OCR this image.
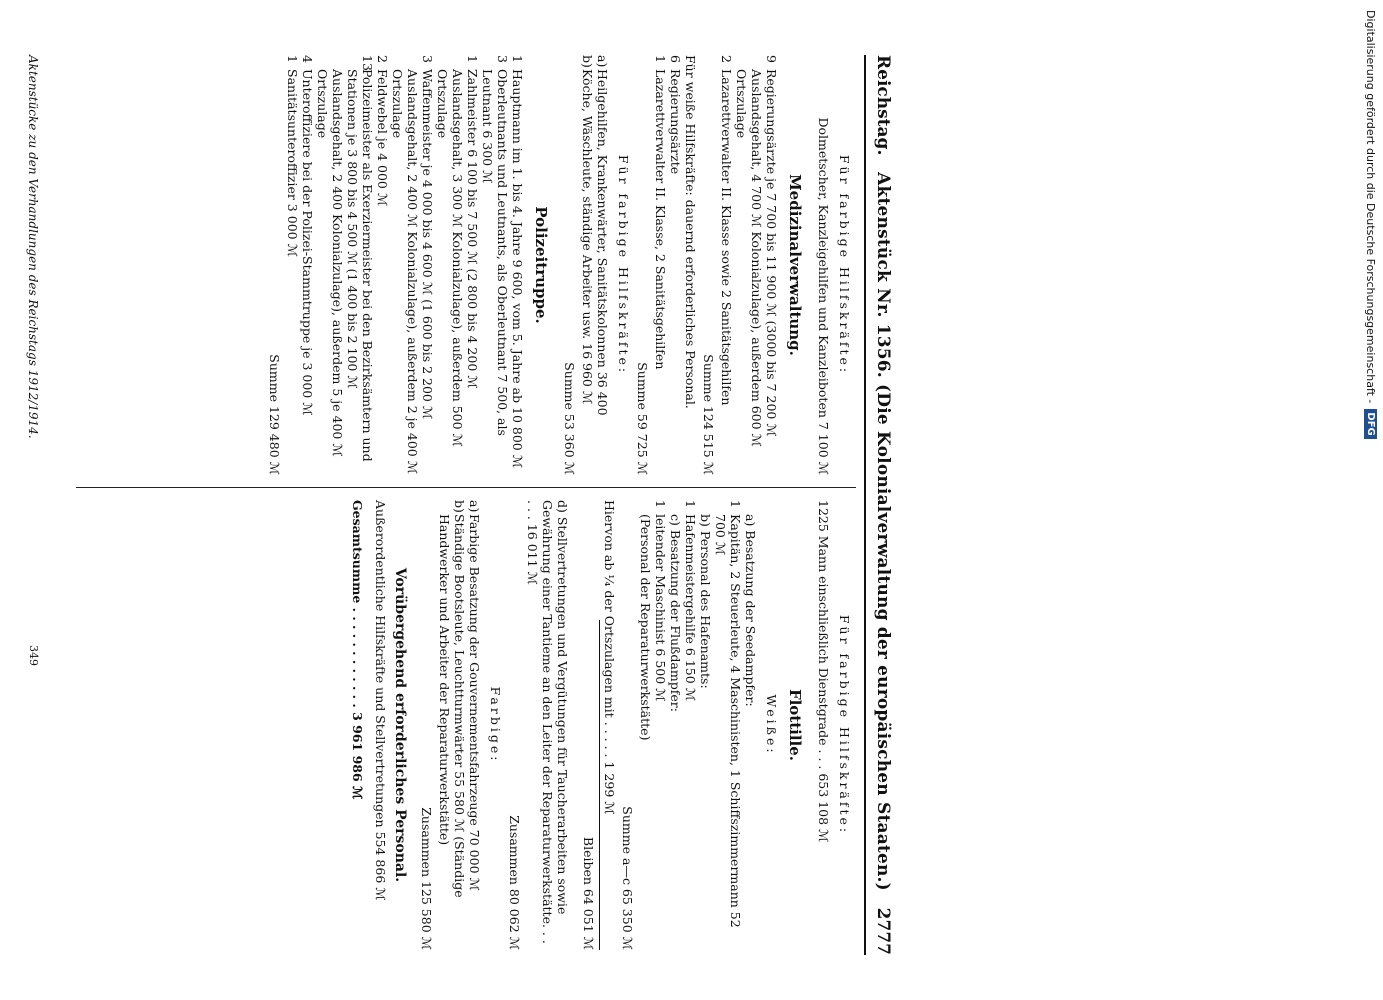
Reichstag.
Aktenstück Nr. 1356. (Die Kolonialverwaltung der europäischen Staaten.)
2777
Für farbige Hilfskräfte:
Dolmetscher, Kanzleigehilfen und Kanzleiboten 7 100 ℳ
Medizinalverwaltung.
9
Regierungsärzte je 7 700 bis 11 900 ℳ (3000 bis 7 200 ℳ Auslandsgehalt, 4 700 ℳ Kolonialzulage), außerdem 600 ℳ Ortszulage
2
Lazarettverwalter II. Klasse sowie 2 Sanitätsgehilfen
Summe 124 515 ℳ
Für weiße Hilfskräfte: dauernd erforderliches Personal.
6
Regierungsärzte
1
Lazarettverwalter II. Klasse, 2 Sanitätsgehilfen
Summe 59 725 ℳ
Für farbige Hilfskräfte:
a)
Heilgehilfen, Krankenwärter, Sanitätskolonnen 36 400
b)
Köche, Wäschleute, ständige Arbeiter usw. 16 960 ℳ
Summe 53 360 ℳ
Polizeitruppe.
1
Hauptmann im 1. bis 4. Jahre 9 600, vom 5. Jahre ab 10 800 ℳ
3
Oberleutnants und Leutnants, als Oberleutnant 7 500, als Leutnant 6 300 ℳ
1
Zahlmeister 6 100 bis 7 500 ℳ (2 800 bis 4 200 ℳ Auslandsgehalt, 3 300 ℳ Kolonialzulage), außerdem 500 ℳ Ortszulage
3
Waffenmeister je 4 000 bis 4 600 ℳ (1 600 bis 2 200 ℳ Auslandsgehalt, 2 400 ℳ Kolonialzulage), außerdem 2 je 400 ℳ Ortszulage
2
Feldwebel je 4 000 ℳ
13
Polizeimeister als Exerziermeister bei den Bezirksämtern und Stationen je 3 800 bis 4 500 ℳ (1 400 bis 2 100 ℳ Auslandsgehalt, 2 400 Kolonialzulage), außerdem 5 je 400 ℳ Ortszulage
4
Unteroffiziere bei der Polizei-Stammtruppe je 3 000 ℳ
1
Sanitätsunteroffizier 3 000 ℳ
Summe 129 480 ℳ
Für farbige Hilfskräfte:
1225 Mann einschließlich Dienstgrade . . . 653 108 ℳ
Flottille.
Weiße:
a) Besatzung der Seedampfer:
1
Kapitän, 2 Steuerleute, 4 Maschinisten, 1 Schiffszimmermann 52 700 ℳ
b) Personal des Hafenamts:
1
Hafenmeistergehilfe 6 150 ℳ
c) Besatzung der Flußdampfer:
1
leitender Maschinist 6 500 ℳ
(Personal der Reparaturwerkstätte)
Summe a—c 65 350 ℳ
Hiervon ab ¼ der Ortszulagen mit . . . . . 1 299 ℳ
Bleiben 64 051 ℳ
d) Stellvertretungen und Vergütungen für Taucherarbeiten sowie Gewährung einer Tantieme an den Leiter der Reparaturwerkstätte. . . . . . 16 011 ℳ
Zusammen 80 062 ℳ
Farbige:
a)
Farbige Besatzung der Gouvernementsfahrzeuge 70 000 ℳ
b)
Ständige Bootsleute, Leuchtturmwärter 55 580 ℳ (Ständige Handwerker und Arbeiter der Reparaturwerkstätte)
Zusammen 125 580 ℳ
Vorübergehend erforderliches Personal.
Außerordentliche Hilfskräfte und Stellvertretungen 554 866 ℳ
Gesamtsumme . . . . . . . . . . . . 3 961 986 ℳ
Aktenstücke zu den Verhandlungen des Reichstags 1912/1914.
349
Digitalisierung gefördert durch die Deutsche Forschungsgemeinschaft -
DFG
